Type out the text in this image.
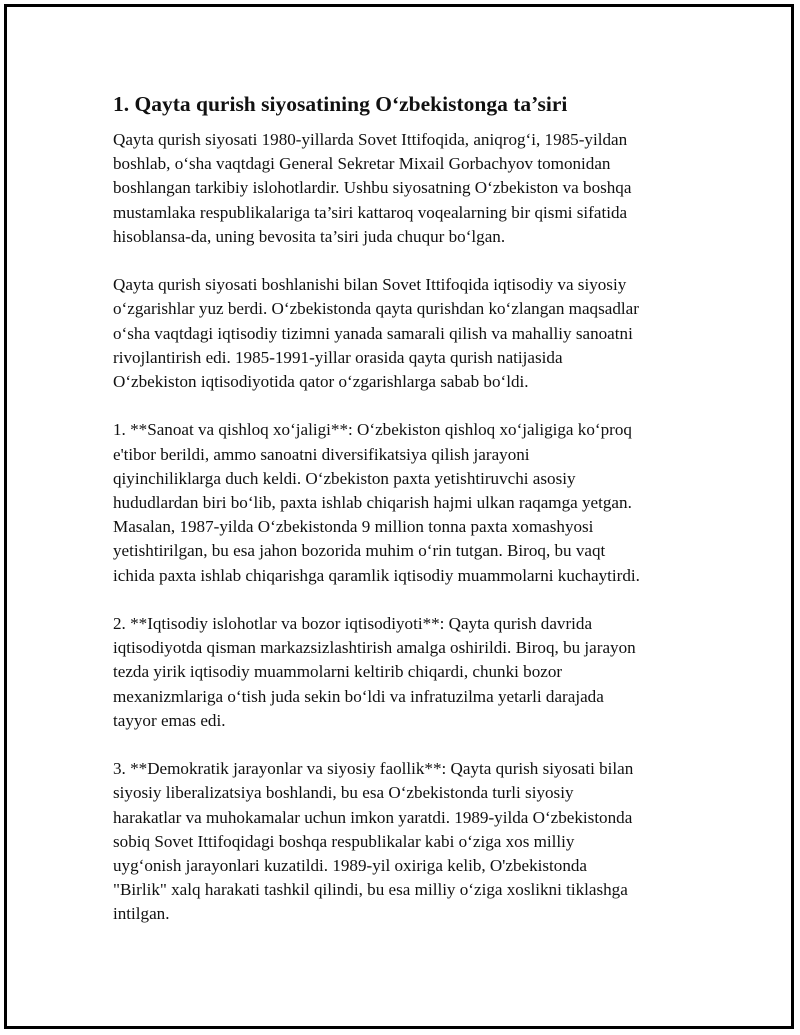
1. Qayta qurish siyosatining O‘zbekistonga ta’siri

Qayta qurish siyosati 1980-yillarda Sovet Ittifoqida, aniqrog‘i, 1985-yildan
boshlab, o‘sha vaqtdagi General Sekretar Mixail Gorbachyov tomonidan
boshlangan tarkibiy islohotlardir. Ushbu siyosatning O‘zbekiston va boshqa
mustamlaka respublikalariga ta’siri kattaroq voqealarning bir qismi sifatida
hisoblansa-da, uning bevosita ta’siri juda chuqur bo‘lgan.

Qayta qurish siyosati boshlanishi bilan Sovet Ittifoqida iqtisodiy va siyosiy
o‘zgarishlar yuz berdi. O‘zbekistonda qayta qurishdan ko‘zlangan maqsadlar
o‘sha vaqtdagi iqtisodiy tizimni yanada samarali qilish va mahalliy sanoatni
rivojlantirish edi. 1985-1991-yillar orasida qayta qurish natijasida
O‘zbekiston iqtisodiyotida qator o‘zgarishlarga sabab bo‘ldi.

1. **Sanoat va qishloq xo‘jaligi**: O‘zbekiston qishloq xo‘jaligiga ko‘proq
e'tibor berildi, ammo sanoatni diversifikatsiya qilish jarayoni
qiyinchiliklarga duch keldi. O‘zbekiston paxta yetishtiruvchi asosiy
hududlardan biri bo‘lib, paxta ishlab chiqarish hajmi ulkan raqamga yetgan.
Masalan, 1987-yilda O‘zbekistonda 9 million tonna paxta xomashyosi
yetishtirilgan, bu esa jahon bozorida muhim o‘rin tutgan. Biroq, bu vaqt
ichida paxta ishlab chiqarishga qaramlik iqtisodiy muammolarni kuchaytirdi.

2. **Iqtisodiy islohotlar va bozor iqtisodiyoti**: Qayta qurish davrida
iqtisodiyotda qisman markazsizlashtirish amalga oshirildi. Biroq, bu jarayon
tezda yirik iqtisodiy muammolarni keltirib chiqardi, chunki bozor
mexanizmlariga o‘tish juda sekin bo‘ldi va infratuzilma yetarli darajada
tayyor emas edi.

3. **Demokratik jarayonlar va siyosiy faollik**: Qayta qurish siyosati bilan
siyosiy liberalizatsiya boshlandi, bu esa O‘zbekistonda turli siyosiy
harakatlar va muhokamalar uchun imkon yaratdi. 1989-yilda O‘zbekistonda
sobiq Sovet Ittifoqidagi boshqa respublikalar kabi o‘ziga xos milliy
uyg‘onish jarayonlari kuzatildi. 1989-yil oxiriga kelib, O'zbekistonda
"Birlik" xalq harakati tashkil qilindi, bu esa milliy o‘ziga xoslikni tiklashga
intilgan.
